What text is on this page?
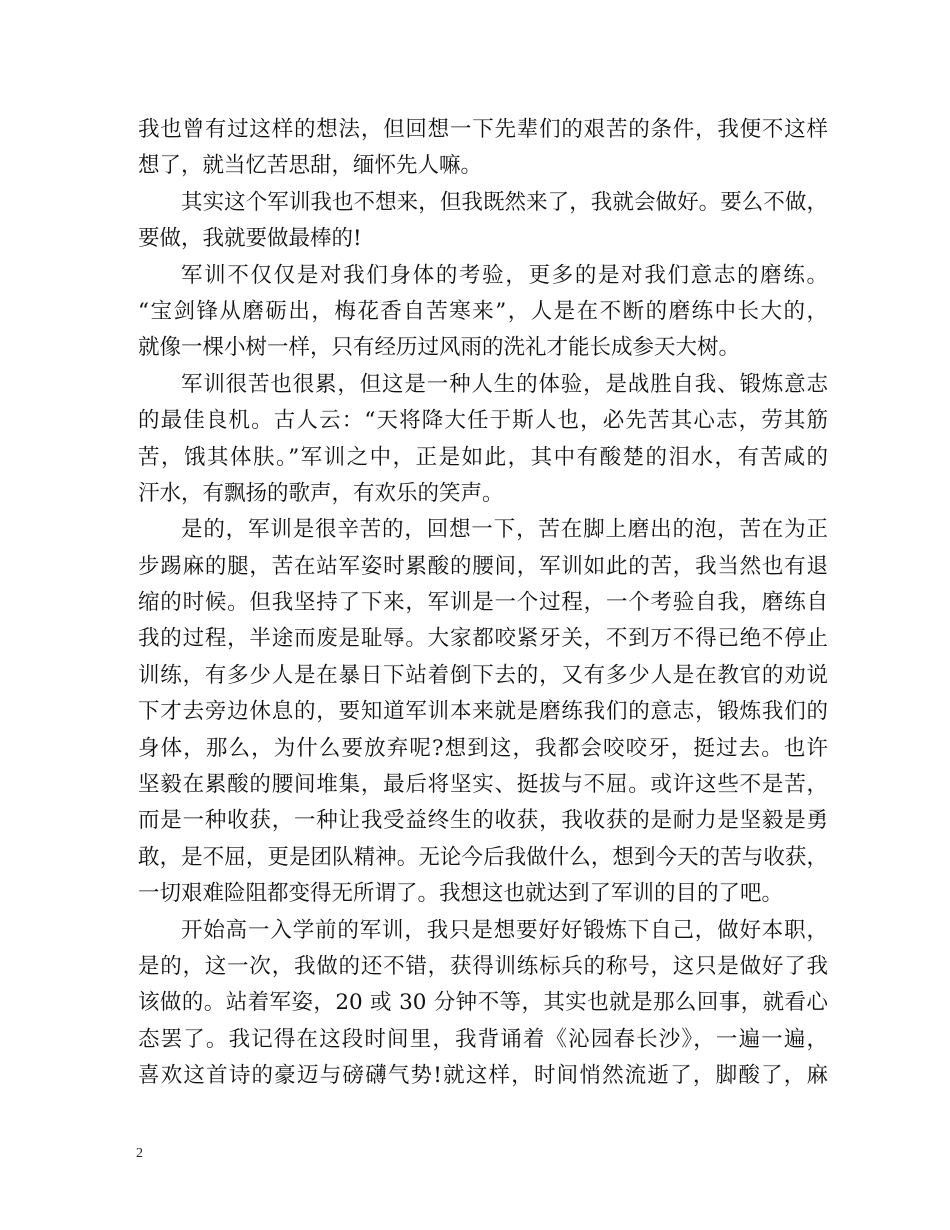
我也曾有过这样的想法，但回想一下先辈们的艰苦的条件，我便不这样
想了，就当忆苦思甜，缅怀先人嘛。
其实这个军训我也不想来，但我既然来了，我就会做好。要么不做，
要做，我就要做最棒的!
军训不仅仅是对我们身体的考验，更多的是对我们意志的磨练。
“宝剑锋从磨砺出，梅花香自苦寒来”，人是在不断的磨练中长大的，
就像一棵小树一样，只有经历过风雨的洗礼才能长成参天大树。
军训很苦也很累，但这是一种人生的体验，是战胜自我、锻炼意志
的最佳良机。古人云：“天将降大任于斯人也，必先苦其心志，劳其筋
苦，饿其体肤。”军训之中，正是如此，其中有酸楚的泪水，有苦咸的
汗水，有飘扬的歌声，有欢乐的笑声。
是的，军训是很辛苦的，回想一下，苦在脚上磨出的泡，苦在为正
步踢麻的腿，苦在站军姿时累酸的腰间，军训如此的苦，我当然也有退
缩的时候。但我坚持了下来，军训是一个过程，一个考验自我，磨练自
我的过程，半途而废是耻辱。大家都咬紧牙关，不到万不得已绝不停止
训练，有多少人是在暴日下站着倒下去的，又有多少人是在教官的劝说
下才去旁边休息的，要知道军训本来就是磨练我们的意志，锻炼我们的
身体，那么，为什么要放弃呢?想到这，我都会咬咬牙，挺过去。也许
坚毅在累酸的腰间堆集，最后将坚实、挺拔与不屈。或许这些不是苦，
而是一种收获，一种让我受益终生的收获，我收获的是耐力是坚毅是勇
敢，是不屈，更是团队精神。无论今后我做什么，想到今天的苦与收获，
一切艰难险阻都变得无所谓了。我想这也就达到了军训的目的了吧。
开始高一入学前的军训，我只是想要好好锻炼下自己，做好本职，
是的，这一次，我做的还不错，获得训练标兵的称号，这只是做好了我
该做的。站着军姿，20 或 30 分钟不等，其实也就是那么回事，就看心
态罢了。我记得在这段时间里，我背诵着《沁园春长沙》，一遍一遍，
喜欢这首诗的豪迈与磅礴气势!就这样，时间悄然流逝了，脚酸了，麻
2
